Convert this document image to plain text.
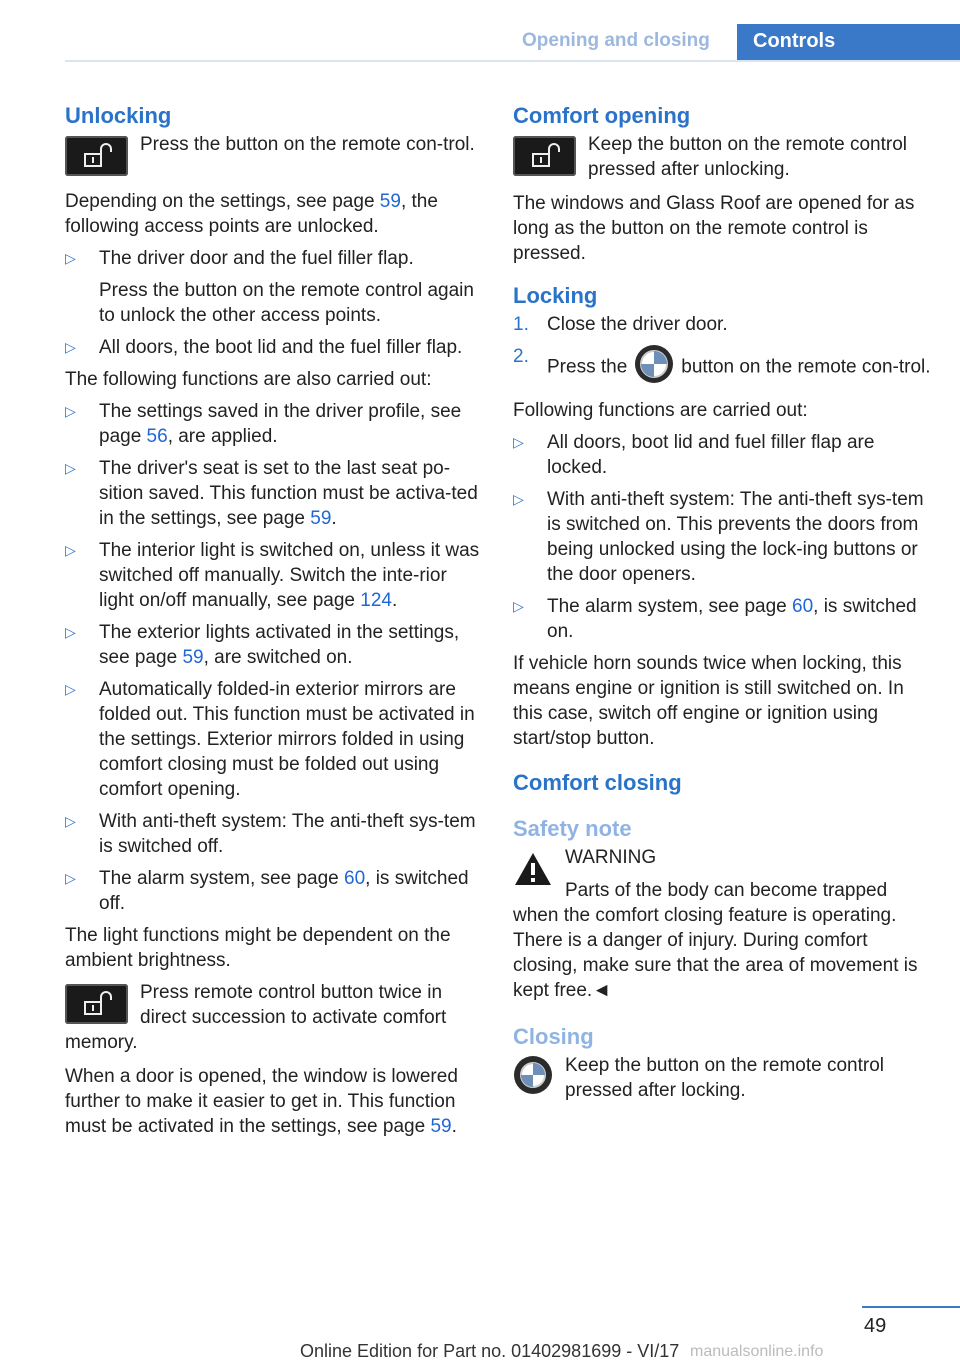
Opening and closing Controls
Unlocking
Press the button on the remote con‐trol.

Depending on the settings, see page 59, the following access points are unlocked.

▷ The driver door and the fuel filler flap.

Press the button on the remote control again to unlock the other access points.
▷ All doors, the boot lid and the fuel filler flap.

The following functions are also carried out:

▷ The settings saved in the driver profile, see page 56, are applied.
▷ The driver's seat is set to the last seat po‐sition saved. This function must be activa‐ted in the settings, see page 59.
▷ The interior light is switched on, unless it was switched off manually. Switch the inte‐rior light on/off manually, see page 124.
▷ The exterior lights activated in the settings, see page 59, are switched on.
▷ Automatically folded-in exterior mirrors are folded out. This function must be activated in the settings. Exterior mirrors folded in using comfort closing must be folded out using comfort opening.
▷ With anti-theft system: The anti-theft sys‐tem is switched off.
▷ The alarm system, see page 60, is switched off.

The light functions might be dependent on the ambient brightness.

Press remote control button twice in direct succession to activate comfort memory.

When a door is opened, the window is lowered further to make it easier to get in. This function must be activated in the settings, see page 59.

Comfort opening
Keep the button on the remote control pressed after unlocking.

The windows and Glass Roof are opened for as long as the button on the remote control is pressed.

Locking
1. Close the driver door.
2.
Press the	button on the remote con‐trol.

Following functions are carried out:

▷ All doors, boot lid and fuel filler flap are locked.
▷ With anti-theft system: The anti-theft sys‐tem is switched on. This prevents the doors from being unlocked using the lock‐ing buttons or the door openers.
▷ The alarm system, see page 60, is switched on.

If vehicle horn sounds twice when locking, this means engine or ignition is still switched on. In this case, switch off engine or ignition using start/stop button.

Comfort closing
Safety note
WARNING
Parts of the body can become trapped when the comfort closing feature is operating. There is a danger of injury. During comfort closing, make sure that the area of movement is kept free.◄
Closing
Keep the button on the remote control pressed after locking.
49
Online Edition for Part no. 01402981699 - VI/17 manualsonline.info
